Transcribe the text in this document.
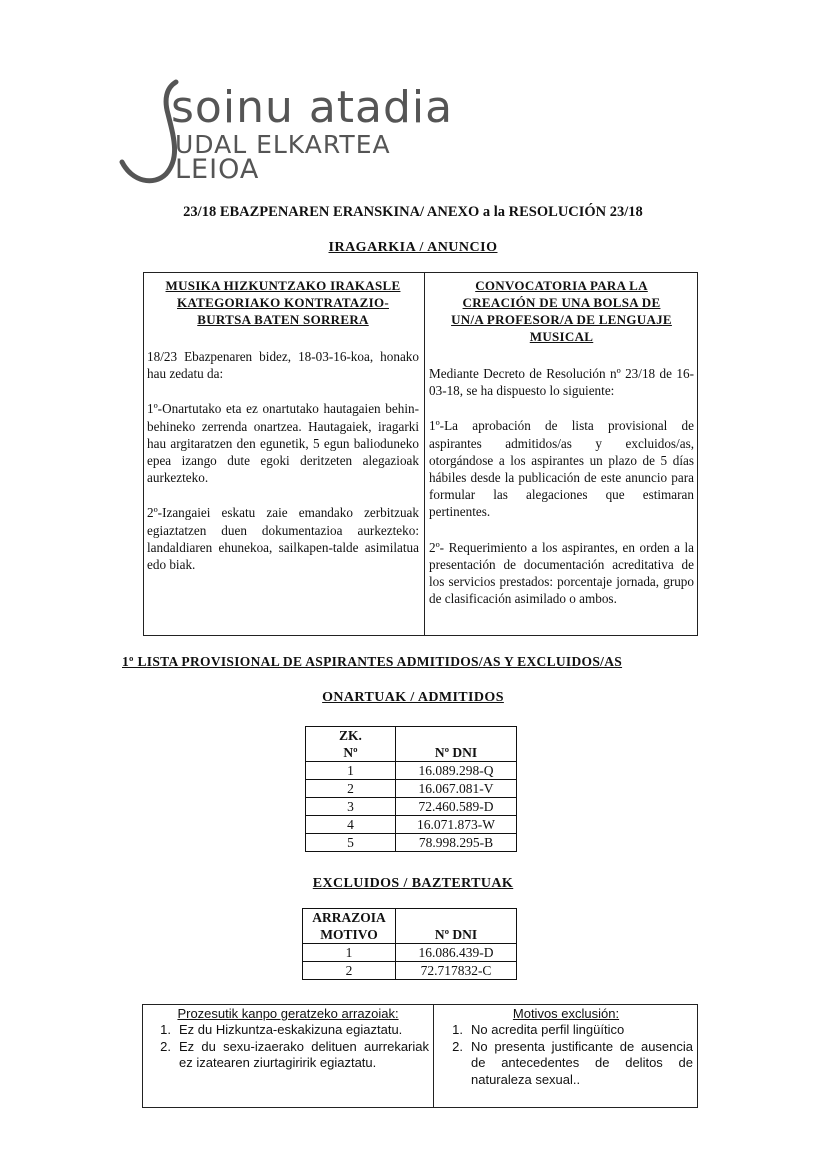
soinu atadia
UDAL ELKARTEA
LEIOA
23/18 EBAZPENAREN ERANSKINA/ ANEXO a la RESOLUCIÓN 23/18
IRAGARKIA / ANUNCIO
MUSIKA HIZKUNTZAKO IRAKASLE KATEGORIAKO KONTRATAZIO-BURTSA BATEN SORRERA

18/23 Ebazpenaren bidez, 18-03-16-koa, honako hau zedatu da:

1º-Onartutako eta ez onartutako hautagaien behin-behineko zerrenda onartzea. Hautagaiek, iragarki hau argitaratzen den egunetik, 5 egun balioduneko epea izango dute egoki deritzeten alegazioak aurkezteko.

2º-Izangaiei eskatu zaie emandako zerbitzuak egiaztatzen duen dokumentazioa aurkezteko: landaldiaren ehunekoa, sailkapen-talde asimilatua edo biak.

CONVOCATORIA PARA LA CREACIÓN DE UNA BOLSA DE UN/A PROFESOR/A DE LENGUAJE MUSICAL

Mediante Decreto de Resolución nº 23/18 de 16-03-18, se ha dispuesto lo siguiente:

1º-La aprobación de lista provisional de aspirantes admitidos/as y excluidos/as, otorgándose a los aspirantes un plazo de 5 días hábiles desde la publicación de este anuncio para formular las alegaciones que estimaran pertinentes.

2º- Requerimiento a los aspirantes, en orden a la presentación de documentación acreditativa de los servicios prestados: porcentaje jornada, grupo de clasificación asimilado o ambos.

1º LISTA PROVISIONAL DE ASPIRANTES ADMITIDOS/AS Y EXCLUIDOS/AS
ONARTUAK / ADMITIDOS
ZK.
Nº	Nº DNI
1	16.089.298-Q
2	16.067.081-V
3	72.460.589-D
4	16.071.873-W
5	78.998.295-B
EXCLUIDOS / BAZTERTUAK
ARRAZOIA
MOTIVO	Nº DNI
1	16.086.439-D
2	72.717832-C
Prozesutik kanpo geratzeko arrazoiak:
1. Ez du Hizkuntza-eskakizuna egiaztatu.
2. Ez du sexu-izaerako delituen aurrekariak ez izatearen ziurtagiririk egiaztatu.
Motivos exclusión:
1. No acredita perfil lingüítico
2. No presenta justificante de ausencia de antecedentes de delitos de naturaleza sexual..
